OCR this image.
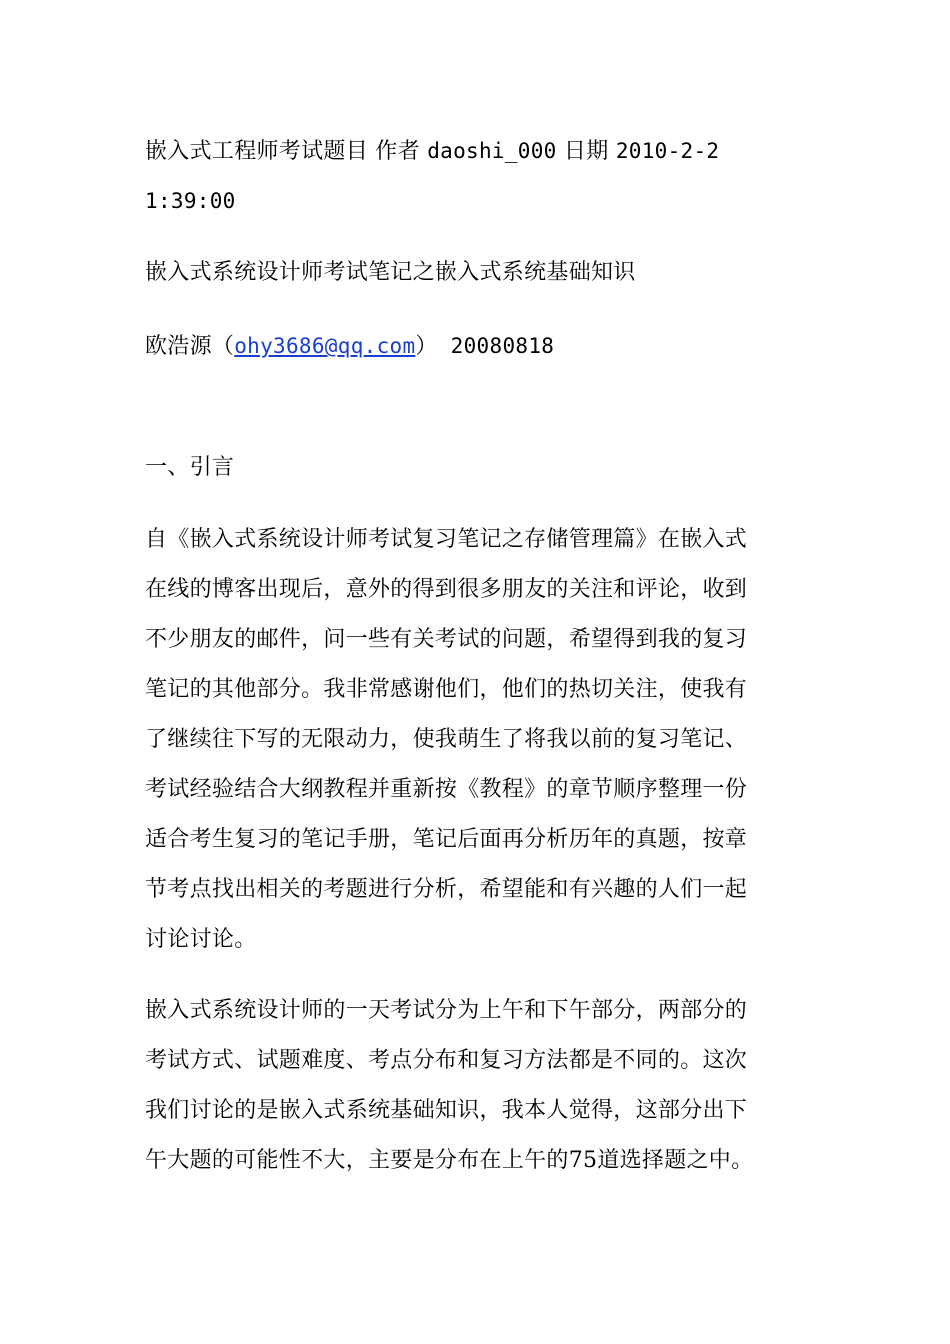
嵌入式工程师考试题目 作者 daoshi_000 日期 2010-2-2
1:39:00
嵌入式系统设计师考试笔记之嵌入式系统基础知识
欧浩源（ohy3686@qq.com） 20080818
一、引言
自《嵌入式系统设计师考试复习笔记之存储管理篇》在嵌入式
在线的博客出现后，意外的得到很多朋友的关注和评论，收到
不少朋友的邮件，问一些有关考试的问题，希望得到我的复习
笔记的其他部分。我非常感谢他们，他们的热切关注，使我有
了继续往下写的无限动力，使我萌生了将我以前的复习笔记、
考试经验结合大纲教程并重新按《教程》的章节顺序整理一份
适合考生复习的笔记手册，笔记后面再分析历年的真题，按章
节考点找出相关的考题进行分析，希望能和有兴趣的人们一起
讨论讨论。
嵌入式系统设计师的一天考试分为上午和下午部分，两部分的
考试方式、试题难度、考点分布和复习方法都是不同的。这次
我们讨论的是嵌入式系统基础知识，我本人觉得，这部分出下
午大题的可能性不大，主要是分布在上午的75道选择题之中。
